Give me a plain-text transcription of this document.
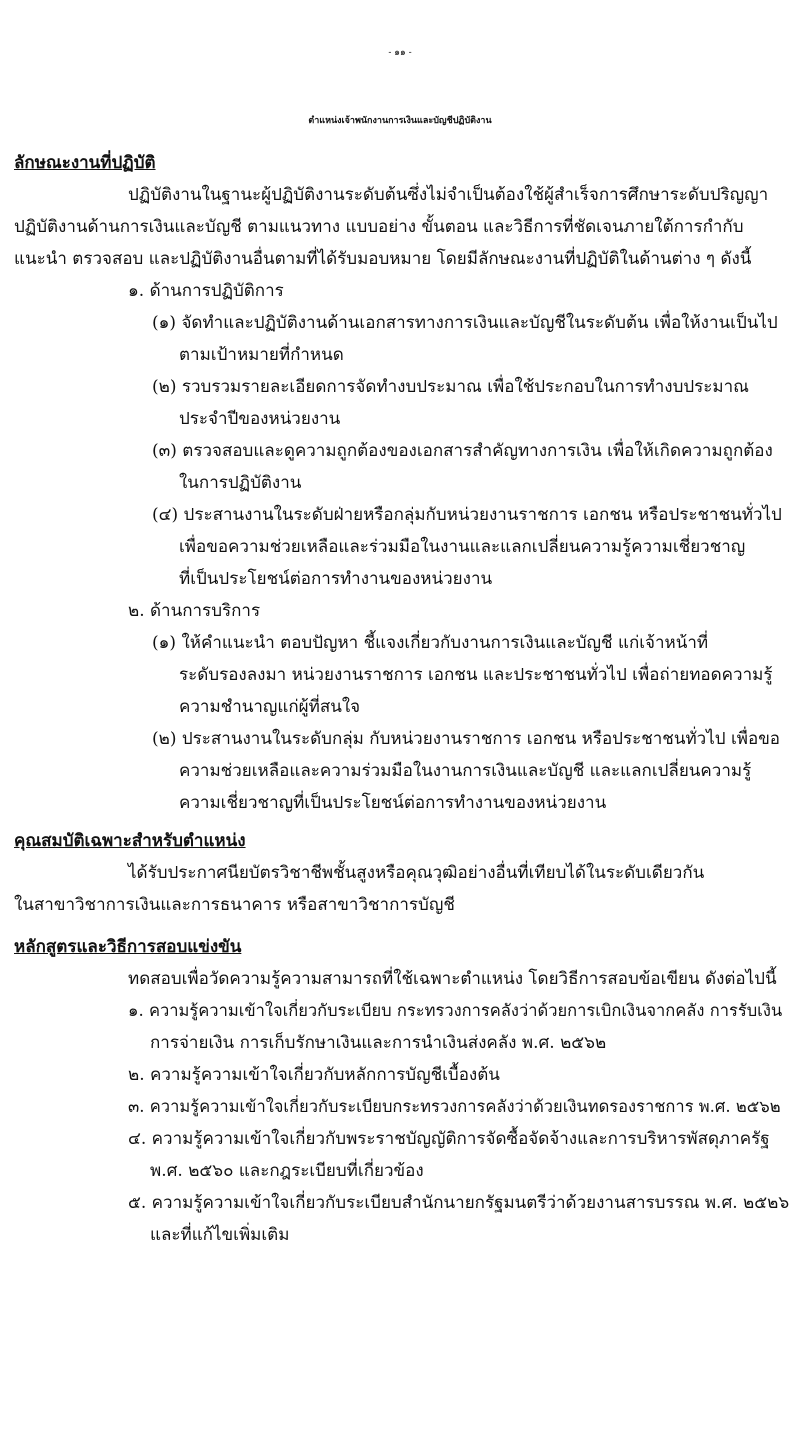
- ๑๑ -
ตำแหน่งเจ้าพนักงานการเงินและบัญชีปฏิบัติงาน
ลักษณะงานที่ปฏิบัติ
ปฏิบัติงานในฐานะผู้ปฏิบัติงานระดับต้นซึ่งไม่จำเป็นต้องใช้ผู้สำเร็จการศึกษาระดับปริญญา
ปฏิบัติงานด้านการเงินและบัญชี ตามแนวทาง แบบอย่าง ขั้นตอน และวิธีการที่ชัดเจนภายใต้การกำกับ
แนะนำ ตรวจสอบ และปฏิบัติงานอื่นตามที่ได้รับมอบหมาย โดยมีลักษณะงานที่ปฏิบัติในด้านต่าง ๆ ดังนี้
๑. ด้านการปฏิบัติการ
(๑) จัดทำและปฏิบัติงานด้านเอกสารทางการเงินและบัญชีในระดับต้น เพื่อให้งานเป็นไป
ตามเป้าหมายที่กำหนด
(๒) รวบรวมรายละเอียดการจัดทำงบประมาณ เพื่อใช้ประกอบในการทำงบประมาณ
ประจำปีของหน่วยงาน
(๓) ตรวจสอบและดูความถูกต้องของเอกสารสำคัญทางการเงิน เพื่อให้เกิดความถูกต้อง
ในการปฏิบัติงาน
(๔) ประสานงานในระดับฝ่ายหรือกลุ่มกับหน่วยงานราชการ เอกชน หรือประชาชนทั่วไป
เพื่อขอความช่วยเหลือและร่วมมือในงานและแลกเปลี่ยนความรู้ความเชี่ยวชาญ
ที่เป็นประโยชน์ต่อการทำงานของหน่วยงาน
๒. ด้านการบริการ
(๑) ให้คำแนะนำ ตอบปัญหา ชี้แจงเกี่ยวกับงานการเงินและบัญชี แก่เจ้าหน้าที่
ระดับรองลงมา หน่วยงานราชการ เอกชน และประชาชนทั่วไป เพื่อถ่ายทอดความรู้
ความชำนาญแก่ผู้ที่สนใจ
(๒) ประสานงานในระดับกลุ่ม กับหน่วยงานราชการ เอกชน หรือประชาชนทั่วไป เพื่อขอ
ความช่วยเหลือและความร่วมมือในงานการเงินและบัญชี และแลกเปลี่ยนความรู้
ความเชี่ยวชาญที่เป็นประโยชน์ต่อการทำงานของหน่วยงาน
คุณสมบัติเฉพาะสำหรับตำแหน่ง
ได้รับประกาศนียบัตรวิชาชีพชั้นสูงหรือคุณวุฒิอย่างอื่นที่เทียบได้ในระดับเดียวกัน
ในสาขาวิชาการเงินและการธนาคาร หรือสาขาวิชาการบัญชี
หลักสูตรและวิธีการสอบแข่งขัน
ทดสอบเพื่อวัดความรู้ความสามารถที่ใช้เฉพาะตำแหน่ง โดยวิธีการสอบข้อเขียน ดังต่อไปนี้
๑. ความรู้ความเข้าใจเกี่ยวกับระเบียบ กระทรวงการคลังว่าด้วยการเบิกเงินจากคลัง การรับเงิน
การจ่ายเงิน การเก็บรักษาเงินและการนำเงินส่งคลัง พ.ศ. ๒๕๖๒
๒. ความรู้ความเข้าใจเกี่ยวกับหลักการบัญชีเบื้องต้น
๓. ความรู้ความเข้าใจเกี่ยวกับระเบียบกระทรวงการคลังว่าด้วยเงินทดรองราชการ พ.ศ. ๒๕๖๒
๔. ความรู้ความเข้าใจเกี่ยวกับพระราชบัญญัติการจัดซื้อจัดจ้างและการบริหารพัสดุภาครัฐ
พ.ศ. ๒๕๖๐ และกฎระเบียบที่เกี่ยวข้อง
๕. ความรู้ความเข้าใจเกี่ยวกับระเบียบสำนักนายกรัฐมนตรีว่าด้วยงานสารบรรณ พ.ศ. ๒๕๒๖
และที่แก้ไขเพิ่มเติม
